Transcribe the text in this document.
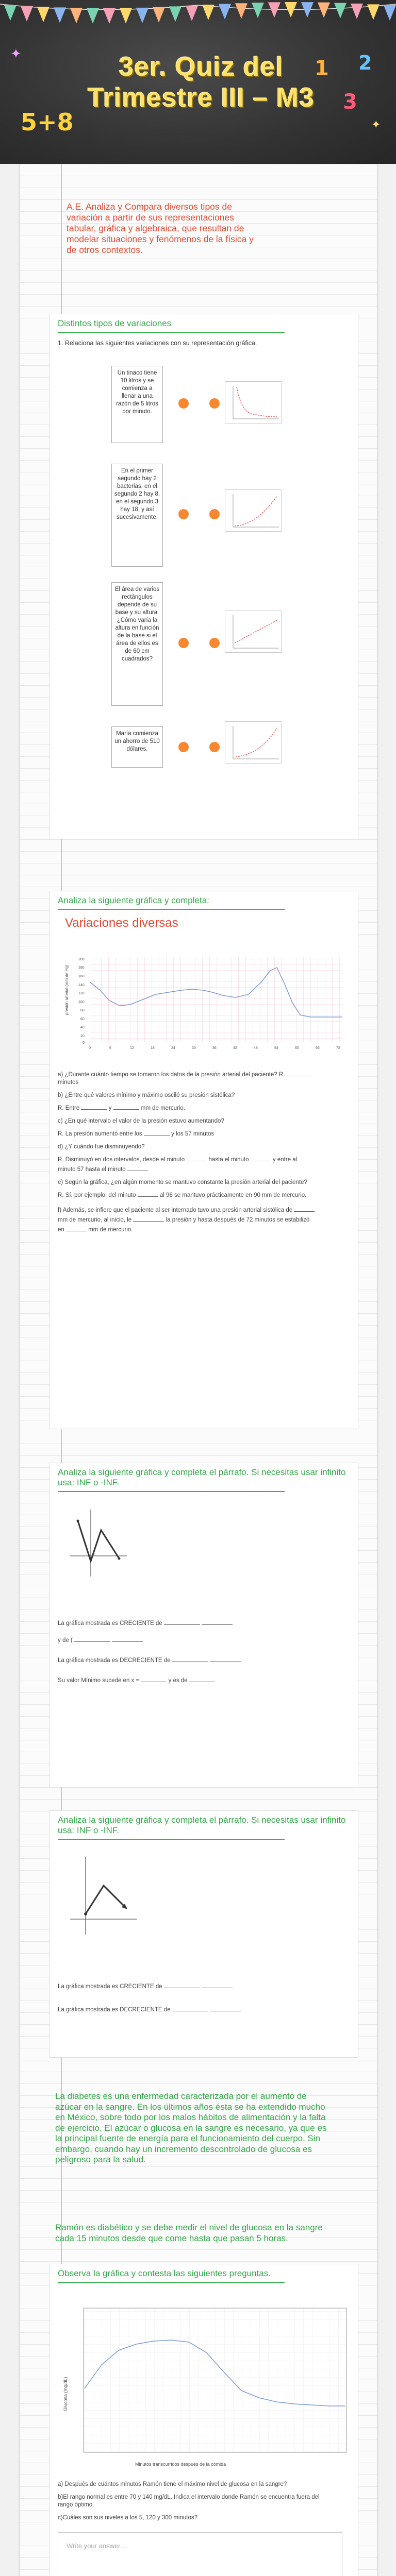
5+8
1 2
3
✦
✦
3er. Quiz del
Trimestre III – M3
A.E. Analiza y Compara diversos tipos de variación a partir de sus representaciones tabular, gráfica y algebraica, que resultan de modelar situaciones y fenómenos de la física y de otros contextos.
Distintos tipos de variaciones
1. Relaciona las siguientes variaciones con su representación gráfica.
Un tinaco tiene 10 litros y se comienza a llenar a una razón de 5 litros por minuto.
En el primer segundo hay 2 bacterias, en el segundo 2 hay 8, en el segundo 3 hay 18, y así sucesivamente.
El área de varios rectángulos depende de su base y su altura. ¿Cómo varía la altura en función de la base si el área de ellos es de 60 cm cuadrados?
María comienza un ahorro de 510 dólares.
Analiza la siguiente gráfica y completa:
Variaciones diversas
presión arterial (mm de Hg)
200
180
160
140
120
100
80
60
40
20
0
0	6	12	18	24	30	36	42	48	54	60	66	72
a) ¿Durante cuánto tiempo se tomaron los datos de la presión arterial del paciente? R.  minutos
b) ¿Entre qué valores mínimo y máximo osciló su presión sistólica?
R. Entre	y	mm de mercurio.
c) ¿En qué intervalo el valor de la presión estuvo aumentando?
R. La presión aumentó entre los	y los 57 minutos
d) ¿Y cuándo fue disminuyendo?
R. Disminuyó en dos intervalos, desde el minuto	hasta el minuto	y entre al minuto 57 hasta el minuto
e) Según la gráfica, ¿en algún momento se mantuvo constante la presión arterial del paciente?
R. Sí, por ejemplo, del minuto	al 96 se mantuvo prácticamente en 90 mm de mercurio.
f) Además, se infiere que el paciente al ser internado tuvo una presión arterial sistólica de  mm de mercurio, al inicio, le	la presión y hasta después de 72 minutos se estabilizó en	mm de mercurio.
Analiza la siguiente gráfica y completa el párrafo. Si necesitas usar infinito usa: INF o -INF.
La gráfica mostrada es CRECIENTE de
y de (
La gráfica mostrada es DECRECIENTE de
Su valor Mínimo sucede en x =	y es de
Analiza la siguiente gráfica y completa el párrafo. Si necesitas usar infinito usa: INF o -INF.
La gráfica mostrada es CRECIENTE de
La gráfica mostrada es DECRECIENTE de
La diabetes es una enfermedad caracterizada por el aumento de azúcar en la sangre. En los últimos años ésta se ha extendido mucho en México, sobre todo por los malos hábitos de alimentación y la falta de ejercicio. El azúcar o glucosa en la sangre es necesario, ya que es la principal fuente de energía para el funcionamiento del cuerpo. Sin embargo, cuando hay un incremento descontrolado de glucosa es peligroso para la salud.
Ramón es diabético y se debe medir el nivel de glucosa en la sangre cada 15 minutos desde que come hasta que pasan 5 horas.
Observa la gráfica y contesta las siguientes preguntas.
Glucosa (mg/dL)
Minutos transcurridos después de la comida
a) Después de cuántos minutos Ramón tiene el máximo nivel de glucosa en la sangre?
b)El rango normal es entre 70 y 140 mg/dL. Indica el intervalo donde Ramón se encuentra fuera del rango óptimo.
c)Cuáles son sus niveles a los 5, 120 y 300 minutos?
Write your answer…
